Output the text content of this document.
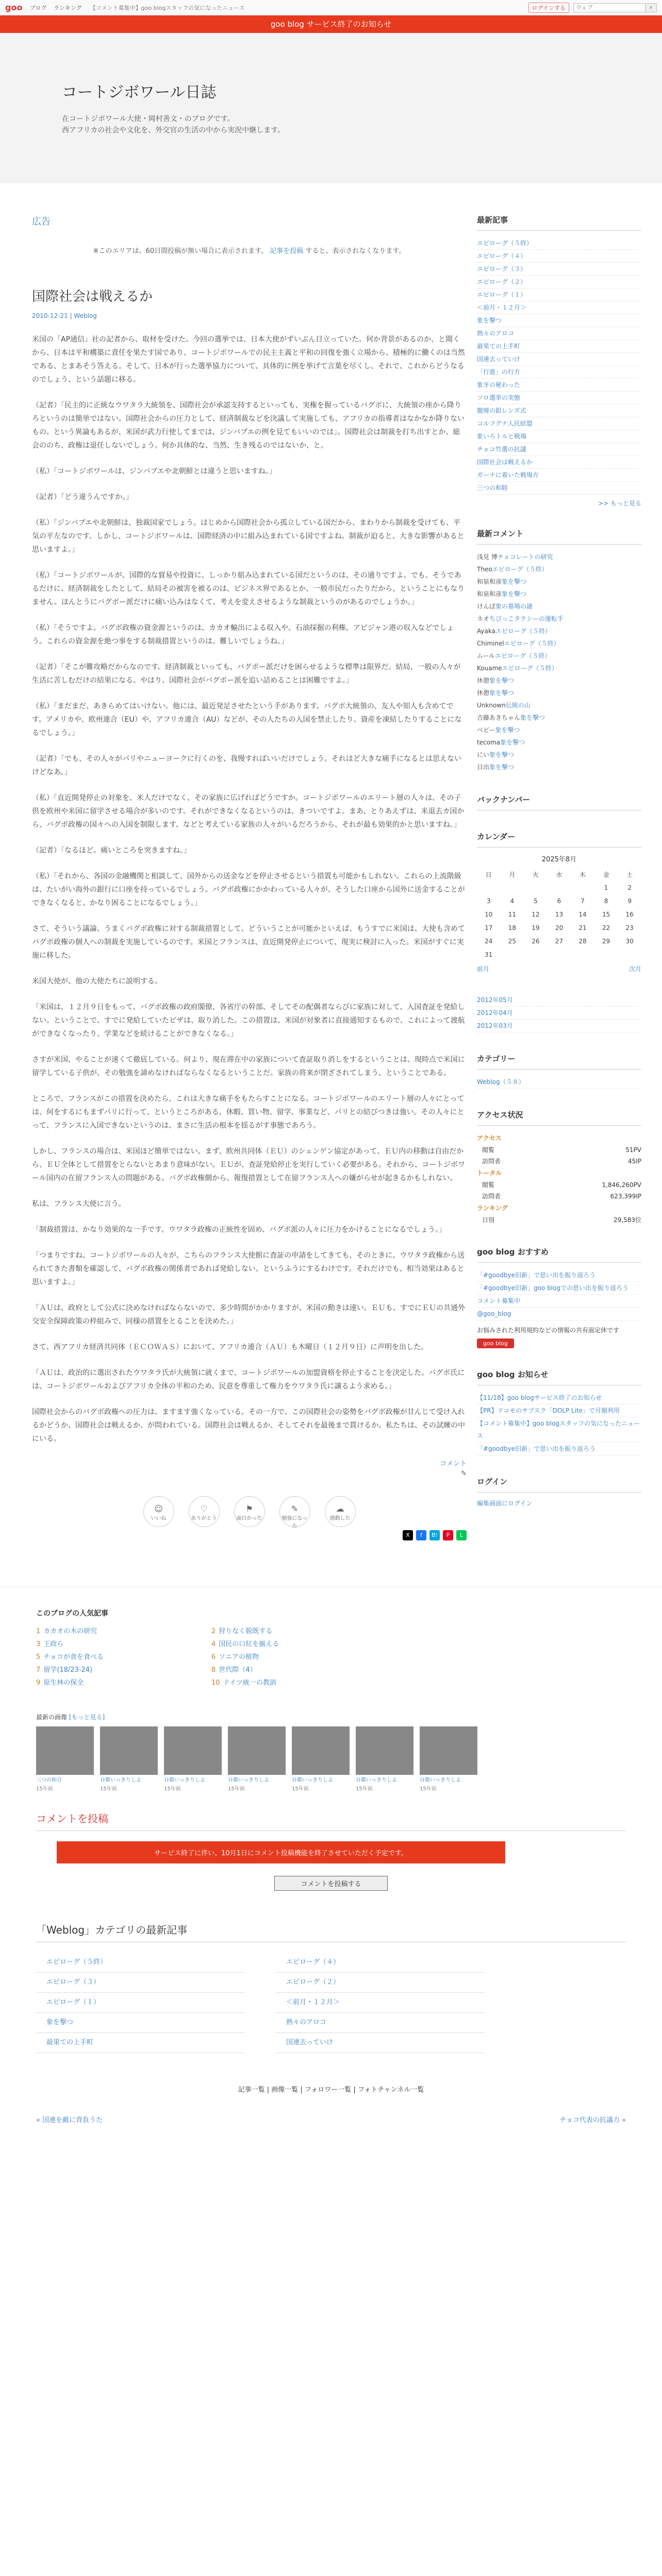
goo ブログ ランキング	【コメント募集中】goo blogスタッフの気になったニュース	ログインする
ウェブ	⌕
goo blog サービス終了のお知らせ
コートジボワール日誌

在コートジボワール大使・岡村善文・のブログです。

西アフリカの社会や文化を、外交官の生活の中から実況中継します。

広告
※このエリアは、60日間投稿が無い場合に表示されます。 記事を投稿 すると、表示されなくなります。
国際社会は戦えるか
2010-12-21 | Weblog

米国の「AP通信」社の記者から、取材を受けた。今回の選挙では、日本大使がずいぶん目立っていた。何か背景があるのか、と聞くから、日本は平和構築に責任を果たす国であり、コートジボワールでの民主主義と平和の回復を強く立場から、積極的に働くのは当然である、とまあそう答える。そして、日本が行った選挙協力について、具体的に例を挙げて言葉を尽くし、それで、これからどうなるのでしょう、という話題に移る。

（記者）「民主的に正統なウワタラ大統領を、国際社会が承認支持するといっても、実権を握っているバグボに、大統領の座から降りろというのは簡単ではない。国際社会からの圧力として、経済制裁などを決議して実施しても、アフリカの指導者はなかなか降りないもの。という異論もあるが、米国が武力行使してまでは、ジンバブエの例を見てもいいのでは」。国際社会は制裁を打ち出すとか、総会ののち、政権は退任しないでしょう。何か具体的な、当然、生き残るのではないか、と。

（私）「コートジボワールは、ジンバブエや北朝鮮とは違うと思いますね。」

（記者）「どう違うんですか。」

（私）「ジンバブエや北朝鮮は、独裁国家でしょう。はじめから国際社会から孤立している国だから、まわりから制裁を受けても、平気の平左なのです。しかし、コートジボワールは、国際経済の中に組み込まれている国ですよね。制裁が迫ると、大きな影響があると思いますよ。」

（私）「コートジボワールが、国際的な貿易や投資に、しっかり組み込まれている国だというのは、その通りですよ。でも、そうであるだけに、経済制裁をしたとして、結局その被害を被るのは、ビジネス界であるとか、一般市民だったりだから、ということにもなりません。ほんとうにバグボー派だけに痛い込みはなくて、考えを変えさせるような制裁というのがあるのでしょうか。」

（私）「そうですよ。バグボ政権の資金源というのは、カカオ輸出による収入や、石油採掘の利権、アビジャン港の収入などでしょう。これらの資金源を絶つ事をする制裁措置というのは、難しいでしょうね。」

（記者）「そこが難攻略だからなのです。経済制裁といっても、バグボー派だけを困らせるような標準は限界だ。結局、一般の人々が生活に苦しむだけの結果になる。やはり、国際社会がバグボー派を追い詰めることは困難ですよ。」

（私）「まだまだ、あきらめてはいけない。他には、最近発足させたという手があります。バグボ大統領の、友人や知人も含めてです。アメリカや、欧州連合（EU）や、アフリカ連合（AU）などが、その人たちの入国を禁止したり、資産を凍結したりすることになるでしょう。」

（記者）「でも、その人々がパリやニューヨークに行くのを、我慢すればいいだけでしょう。それはど大きな痛手になるとは思えないけどなあ。」

（私）「直近開発停止の対象を、米人だけでなく、その家族に広げればどうですか。コートジボワールのエリート層の人々は、その子供を欧州や米国に留学させる場合が多いのです。それができなくなるというのは、きついですよ。まあ、とりあえずは、米退去カ国から、バグボ政権の国々への入国を制限します、などと考えている家族の人々がいるだろうから、それが最も効果的かと思いますね。」

（記者）「なるほど。痛いところを突きますね。」

（私）「それから、各国の金融機関と相談して、国外からの送金などを停止させるという措置も可能かもしれない。これらの上流階級は、たいがい海外の銀行に口座を持っているでしょう。バグボ政権にかかわっている人々が、そうした口座から国外に送金することができなくなると、かなり困ることになるでしょう。」

さて、そういう議論、うまくバグボ政権に対する制裁措置として、どういうことが可能かといえば、もうすでに米国は、大使も含めてバグボ政権の個人への制裁を実施しているのです。米国とフランスは、直近開発停止について、現実に検討に入った。米国がすぐに実施に移した。

米国大使が、他の大使たちに説明する。

「米国は、１２月９日をもって、バグボ政権の政府閣僚、各省庁の幹部、そしてその配偶者ならびに家族に対して、入国査証を発給しない。ということで、すでに発給していたビザは、取り消した。この措置は、米国が対象者に直接通知するもので、これによって渡航ができなくなったり、学業などを続けることができなくなる。」

さすが米国、やることが速くて徹底している。何より、現在滞在中の家族について査証取り消しをするということは、現時点で米国に留学している子供が、その勉強を諦めなければならなくなるということだ。家族の将来が閉ざされてしまう、ということである。

ところで、フランスがこの措置を決めたら、これは大きな痛手をもたらすことになる。コートジボワールのエリート層の人々にとっては、何をするにもまずパリに行って、というところがある。休暇、買い物、留学、事業など、パリとの結びつきは強い。その人々にとって、フランスに入国できないというのは、まさに生活の根本を揺るがす事態であろう。

しかし、フランスの場合は、米国ほど簡単ではない。まず、欧州共同体（ＥＵ）のシェンゲン協定があって、ＥＵ内の移動は自由だから、ＥＵ全体として措置をとらないとあまり意味がない。ＥＵが、査証発給停止を実行していく必要がある。それから、コートジボワール国内の在留フランス人の問題がある。バグボ政権側から、報復措置として在留フランス人への嫌がらせが起きるかもしれない。

私は、フランス大使に言う。

「制裁措置は、かなり効果的な一手です。ウワタラ政権の正統性を固め、バグボ派の人々に圧力をかけることになるでしょう。」

「つまりですね、コートジボワールの人々が、こちらのフランス大使館に査証の申請をしてきても、そのときに、ウワタラ政権から送られてきた書類を確認して、バグボ政権の関係者であれば発給しない、というふうにするわけです。それだけでも、相当効果はあると思いますよ。」

「ＡＵは、政府として公式に決めなければならないので、多少時間がかかりますが、米国の動きは速い。ＥＵも、すでにＥＵの共通外交安全保障政策の枠組みで、同様の措置をとることを決めた。」

さて、西アフリカ経済共同体（ＥＣＯＷＡＳ）において、アフリカ連合（ＡＵ）も木曜日（１２月９日）に声明を出した。

「ＡＵは、政治的に選出されたウワタラ氏が大統領に就くまで、コートジボワールの加盟資格を停止することを決定した。バグボ氏には、コートジボワールおよびアフリカ全体の平和のため、民意を尊重して権力をウワタラ氏に譲るよう求める。」

国際社会からのバグボ政権への圧力は、ますます強くなっている。その一方で、この国際社会の姿勢をバグボ政権が甘んじて受け入れるかどうか、国際社会は戦えるか、が問われている。国際社会は戦えるか、そしてそれを最後まで貫けるか。私たちは、その試練の中にいる。

コメント
✎
☺
いいね
♡
ありがとう
⚑
面白かった
✎
勉強になった
☁
感動した
X	f	B!	P	L
最新記事
エピローグ（５終）
エピローグ（４）
エピローグ（３）
エピローグ（２）
エピローグ（１）
＜前月・１２月＞
象を撃つ
熱々のアロコ
最果ての上手町
国連去っていけ
「行進」の行方
象牙の秘わった
ソロ選挙の実態
撤廃の鉛レンズ式
コルフグナ人民結盟
象いろトルと戦場
チョコ竹選の抗議
国際社会は戦えるか
ガーナに着いた戦場方
三つの和睦
>> もっと見る
最新コメント
浅見 博チョコレートの研究
Theoエピローグ（５終）
和泉和彦象を撃つ
和泉和彦象を撃つ
けんぼ象の墓場の謎
ネオちびっこタクシーの運転手
Ayakaエピローグ（５終）
Chiminelエピローグ（５終）
ムールエピローグ（５終）
Kouameエピローグ（５終）
休憩象を撃つ
休憩象を撃つ
Unknown伝統の山
吉藤あきちゃん象を撃つ
ベビー象を撃つ
tecoma象を撃つ
にい象を撃つ
日出象を撃つ
バックナンバー
カレンダー
2025年8月
日	月	火	水	木	金	土
					1	2
3	4	5	6	7	8	9
10	11	12	13	14	15	16
17	18	19	20	21	22	23
24	25	26	27	28	29	30
31						
前月	次月
2012年05月
2012年04月
2012年03月
カテゴリー
Weblog（５８）
アクセス状況
アクセス
閲覧	51PV
訪問者	45IP
トータル
閲覧	1,846,260PV
訪問者	623,399IP
ランキング
日別	29,583位
goo blog おすすめ
「#goodbye旧新」で思い出を振り返ろう
「#goodbye旧新」goo blogでの思い出を振り返ろう
コメント募集中
@goo_blog
お悩みされた利用規約などの情報の共有面定休です
goo blog
goo blog お知らせ
【11/18】goo blogサービス終了のお知らせ
【PR】ドコモのサブスク「DOLP Lite」で月額利用
【コメント募集中】goo blogスタッフの気になったニュース
「#goodbye旧新」で思い出を振り返ろう
ログイン
編集画面にログイン
このブログの人気記事
1 カカオの木の研究	2 狩りなく脱既する
3 王政ら	4 国民の口紅を揃える
5 チョコが食を食べる	6 ソニアの植物
7 留学(18/23-24)	8 世代際（4）
9 原生林の保全	10 ドイツ統一の教訓
最新の画像 [もっと見る]
三つの和合
15年前
自衛いっきりしよ
15年前
自衛いっきりしよ
15年前
自衛いっきりしよ
15年前
自衛いっきりしよ
15年前
自衛いっきりしよ
15年前
自衛いっきりしよ
15年前
コメントを投稿
サービス終了に伴い、10月1日にコメント投稿機能を終了させていただく予定です。
コメントを投稿する
「Weblog」カテゴリの最新記事
エピローグ（５終）	エピローグ（４）
エピローグ（３）	エピローグ（２）
エピローグ（１）	＜前月・１２月＞
象を撃つ	熱々のアロコ
最果ての上手町	国連去っていけ
記事一覧 | 画像一覧 | フォロワー一覧 | フォトチャンネル一覧
« 国連を敵に背負うた	チョコ代表の抗議力 »
